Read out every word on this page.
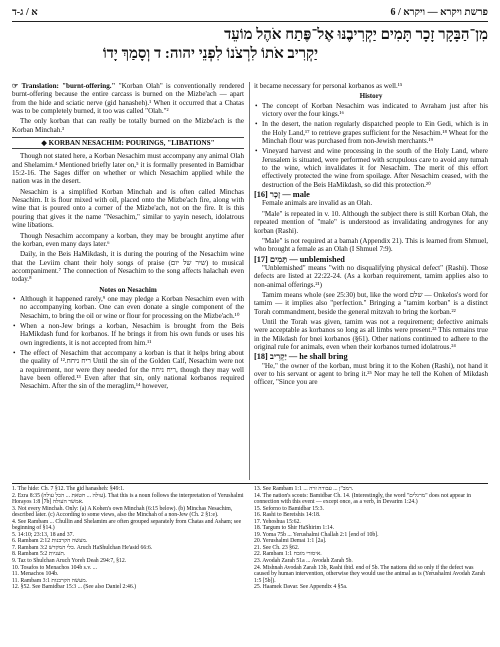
א / ג-ד	6 / פרשת ויקרא — ויקרא
מִן־הַבָּקָר זָכָר תָּמִים יַקְרִיבֶנּוּ אֶל־פֶּתַח אֹהֶל מוֹעֵד
יַקְרִיב אֹתוֹ לִרְצֹנוֹ לִפְנֵי יהוה: ד וְסָמַךְ יָדוֹ
☞ Translation: "burnt-offering." "Korban Olah" is conventionally rendered burnt-offering because the entire carcass is burned on the Mizbe'ach — apart from the hide and sciatic nerve (gid hanasheh).¹ When it occurred that a Chatas was to be completely burned, it too was called "Olah."²
The only korban that can really be totally burned on the Mizbe'ach is the Korban Minchah.³
◆ KORBAN NESACHIM: POURINGS, "LIBATIONS"
Though not stated here, a Korban Nesachim must accompany any animal Olah and Shelamim.⁴ Mentioned briefly later on,⁵ it is formally presented in Bamidbar 15:2-16. The Sages differ on whether or which Nesachim applied while the nation was in the desert.
Nesachim is a simplified Korban Minchah and is often called Minchas Nesachim. It is flour mixed with oil, placed onto the Mizbe'ach fire, along with wine that is poured onto a corner of the Mizbe'ach, not on the fire. It is this pouring that gives it the name "Nesachim," similar to yayin nesech, idolatrous wine libations.
Though Nesachim accompany a korban, they may be brought anytime after the korban, even many days later.⁶
Daily, in the Beis HaMikdash, it is during the pouring of the Nesachim wine that the Leviim chant their holy songs of praise (שיר של יום) to musical accompaniment.⁷ The connection of Nesachim to the song affects halachah even today.⁸
Notes on Nesachim
• Although it happened rarely,⁹ one may pledge a Korban Nesachim even with no accompanying korban. One can even donate a single component of the Nesachim, to bring the oil or wine or flour for processing on the Mizbe'ach.¹⁰
• When a non-Jew brings a korban, Nesachim is brought from the Beis HaMikdash fund for korbanos. If he brings it from his own funds or uses his own ingredients, it is not accepted from him.¹¹
• The effect of Nesachim that accompany a korban is that it helps bring about the quality of ריח ניחח.¹² Until the sin of the Golden Calf, Nesachim were not a requirement, nor were they needed for the ריח ניחח, though they may well have been offered.¹³ Even after that sin, only national korbanos required Nesachim. After the sin of the meraglim,¹⁴ however,
it became necessary for personal korbanos as well.¹⁵
History
• The concept of Korban Nesachim was indicated to Avraham just after his victory over the four kings.¹⁶
• In the desert, the nation regularly dispatched people to Ein Gedi, which is in the Holy Land,¹⁷ to retrieve grapes sufficient for the Nesachim.¹⁸ Wheat for the Minchah flour was purchased from non-Jewish merchants.¹⁹
• Vineyard harvest and wine processing in the south of the Holy Land, where Jerusalem is situated, were performed with scrupulous care to avoid any tumah to the wine, which invalidates it for Nesachim. The merit of this effort effectively protected the wine from spoilage. After Nesachim ceased, with the destruction of the Beis HaMikdash, so did this protection.²⁰
[16] זָכָר — male
Female animals are invalid as an Olah.
"Male" is repeated in v. 10. Although the subject there is still Korban Olah, the repeated mention of "male" is understood as invalidating androgynes for any korban (Rashi).
"Male" is not required at a bamah (Appendix 21). This is learned from Shmuel, who brought a female as an Olah (I Shmuel 7:9).
[17] תָּמִים — unblemished
"Unblemished" means "with no disqualifying physical defect" (Rashi). Those defects are listed at 22:22-24. (As a korban requirement, tamim applies also to non-animal offerings.²¹)
Tamim means whole (see 25:30) but, like the word שלם — Onkelos's word for tamim — it implies also "perfection." Bringing a "tamim korban" is a distinct Torah commandment, beside the general mitzvah to bring the korban.²²
Until the Torah was given, tamim was not a requirement; defective animals were acceptable as korbanos so long as all limbs were present.²³ This remains true in the Mikdash for bnei korbanos (§61). Other nations continued to adhere to the original rule for animals, even when their korbanos turned idolatrous.²⁴
[18] יַקְרִיב — he shall bring
"He," the owner of the korban, must bring it to the Kohen (Rashi), not hand it over to his servant or agent to bring it.²⁵ Nor may he tell the Kohen of Mikdash officer, "Since you are
1. The hide: Ch. 7 §12. The gid hanasheh: §49:1.
2. Ezra 8:35 (עולה ... חטאת ... הכל עולה). That this is a noun follows the interpretation of Yerushalmi Horayos 1:8 [7b] אמשר העולה.
3. Not every Minchah. Only: (a) A Kohen's own Minchah (6:15 below). (b) Minchas Nesachim, described later. (c) According to some views, also the Minchah of a non-Jew (Ch. 2 §1:e).
4. See Rambam ... Chullin and Shelamim are often grouped separately from Chatas and Asham; see beginning of §14.)
5. 14:10; 23:13, 18 and 37.
6. Rambam מעשה הקרבנות 2:12.
7. Rambam כלי המקדש 3:2. Aruch HaShulchan He'asid 66:6.
8. Rambam תעניות 5:2.
9. Taz to Shulchan Aruch Yoreh Deah 294:7, §12.
10. Tosafos to Menachos 104b s.v. ...
11. Menachos 104b.
11. Rambam מעשה הקרבנות 3:1.
12. §52. See Bamidbar 15:3 ... (See also Daniel 2:46.)
13. See Rambam 1:1 ... רמב"ן ... עבודה זרה.
14. The nation's scouts: Bamidbar Ch. 14. (Interestingly, the word "מרגלים" does not appear in connection with this event — except once, as a verb, in Devarim 1:24.)
15. Seforno to Bamidbar 15:3.
16. Rashi to Bereishis 14:18.
17. Yehoshua 15:62.
18. Targum to Shir HaShirim 1:14.
19. Yoma 75b ... Yerushalmi Challah 2:1 [end of 10b].
20. Yerushalmi Demai 1:1 [2a].
21. See Ch. 23 §62.
22. Rambam איסורי מזבח 1:1.
23. Avodah Zarah 51a ... Avodah Zarah 5b.
24. Mishnah Avodah Zarah 13b, Rashi ibid. end of 5b. The nations did so only if the defect was caused by human intervention, otherwise they would use the animal as is (Yerushalmi Avodah Zarah 1:5 [5b]).
25. Haamek Davar. See Appendix 4 §5a.
